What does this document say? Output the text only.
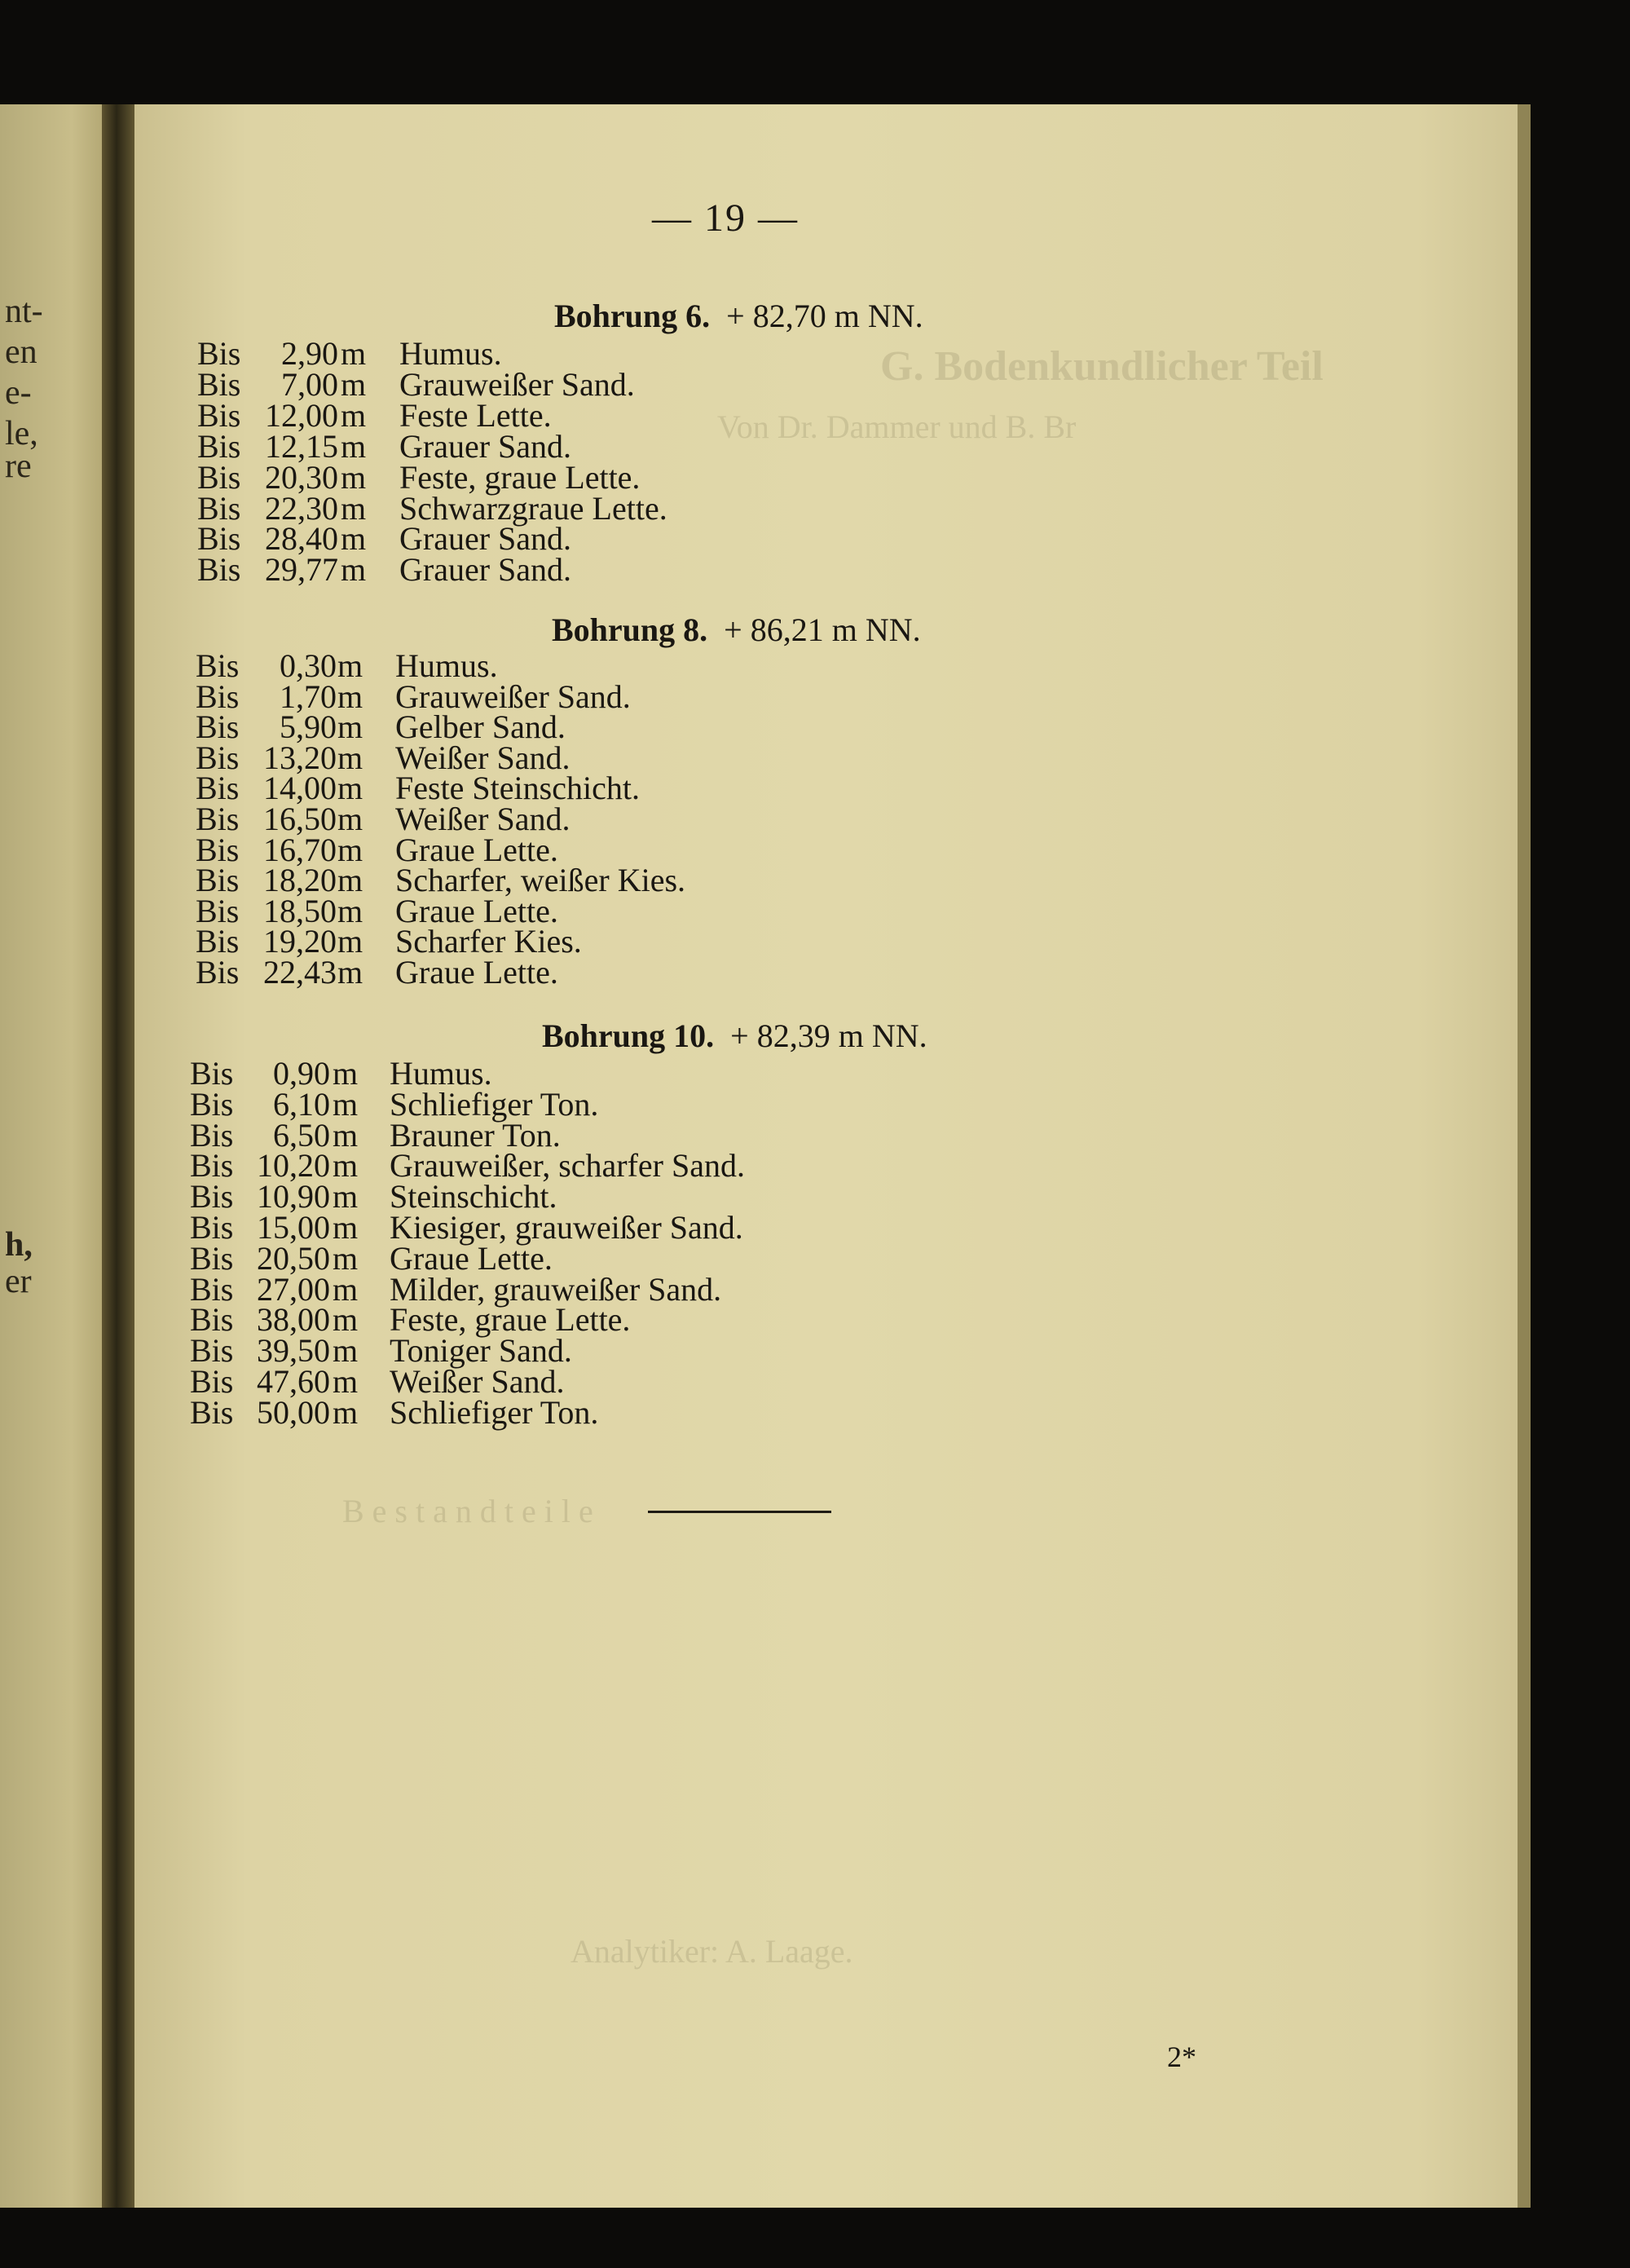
nt-
en
e-
le,
re
h,
er
— 19 —
Bohrung 6. + 82,70 m NN.
Bohrung 8. + 86,21 m NN.
Bohrung 10. + 82,39 m NN.
Bis	2,90 m Humus.
Bis	7,00 m Grauweißer Sand.
Bis 12,00 m Feste Lette.
Bis 12,15 m Grauer Sand.
Bis 20,30 m Feste, graue Lette.
Bis 22,30 m Schwarzgraue Lette.
Bis 28,40 m Grauer Sand.
Bis 29,77 m Grauer Sand.
Bis	0,30 m Humus.
Bis	1,70 m Grauweißer Sand.
Bis	5,90 m Gelber Sand.
Bis 13,20 m Weißer Sand.
Bis 14,00 m Feste Steinschicht.
Bis 16,50 m Weißer Sand.
Bis 16,70 m Graue Lette.
Bis 18,20 m Scharfer, weißer Kies.
Bis 18,50 m Graue Lette.
Bis 19,20 m Scharfer Kies.
Bis 22,43 m Graue Lette.
Bis	0,90 m Humus.
Bis	6,10 m Schliefiger Ton.
Bis	6,50 m Brauner Ton.
Bis 10,20 m Grauweißer, scharfer Sand.
Bis 10,90 m Steinschicht.
Bis 15,00 m Kiesiger, grauweißer Sand.
Bis 20,50 m Graue Lette.
Bis 27,00 m Milder, grauweißer Sand.
Bis 38,00 m Feste, graue Lette.
Bis 39,50 m Toniger Sand.
Bis 47,60 m Weißer Sand.
Bis 50,00 m Schliefiger Ton.
2*
